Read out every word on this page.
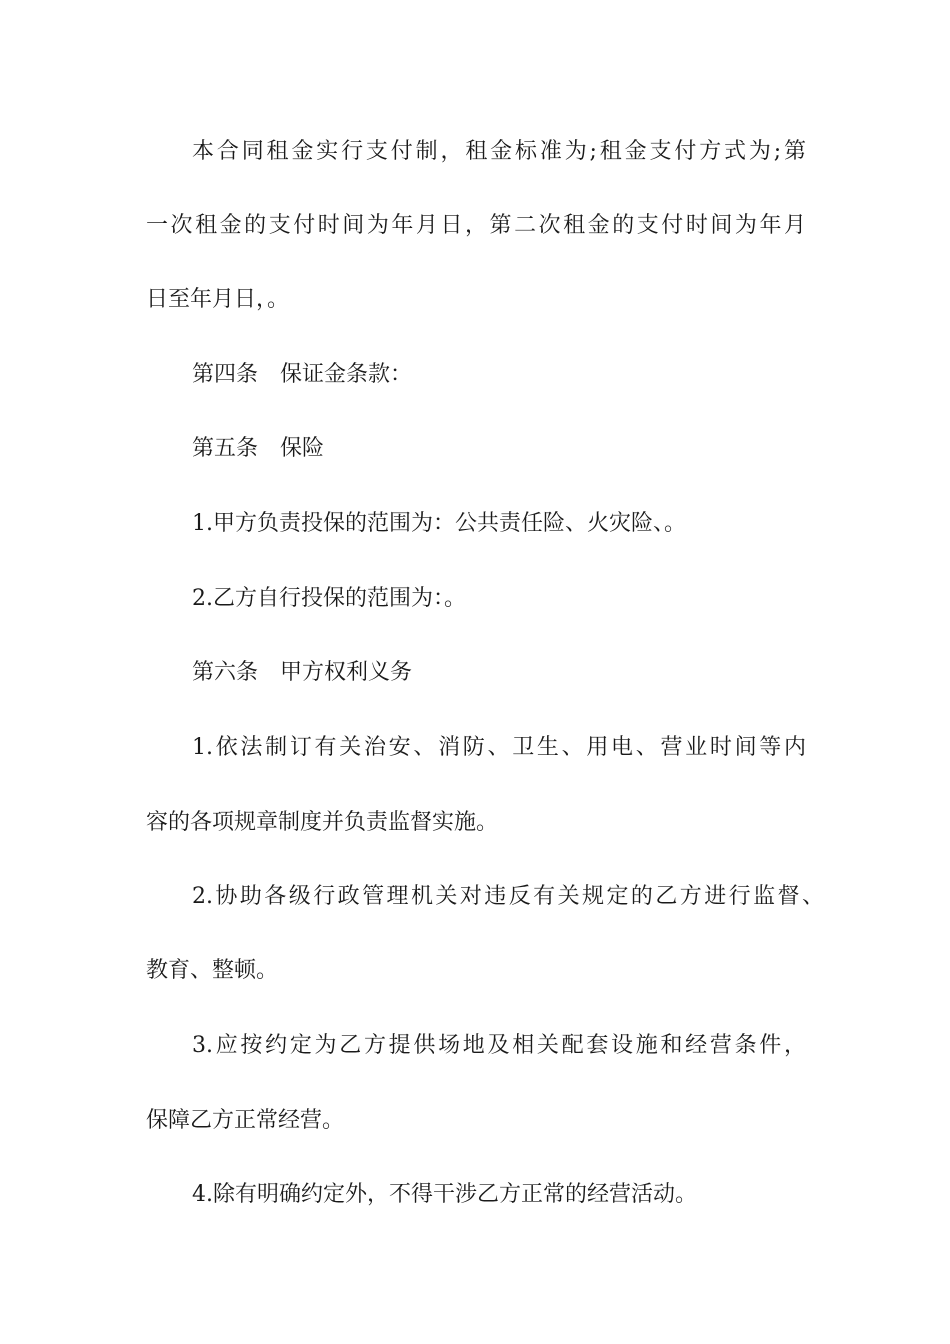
本合同租金实行支付制，租金标准为;租金支付方式为;第
一次租金的支付时间为年月日，第二次租金的支付时间为年月
日至年月日，。
第四条　保证金条款：
第五条　保险
1.甲方负责投保的范围为：公共责任险、火灾险、。
2.乙方自行投保的范围为：。
第六条　甲方权利义务
1.依法制订有关治安、消防、卫生、用电、营业时间等内
容的各项规章制度并负责监督实施。
2.协助各级行政管理机关对违反有关规定的乙方进行监督、
教育、整顿。
3.应按约定为乙方提供场地及相关配套设施和经营条件，
保障乙方正常经营。
4.除有明确约定外，不得干涉乙方正常的经营活动。
